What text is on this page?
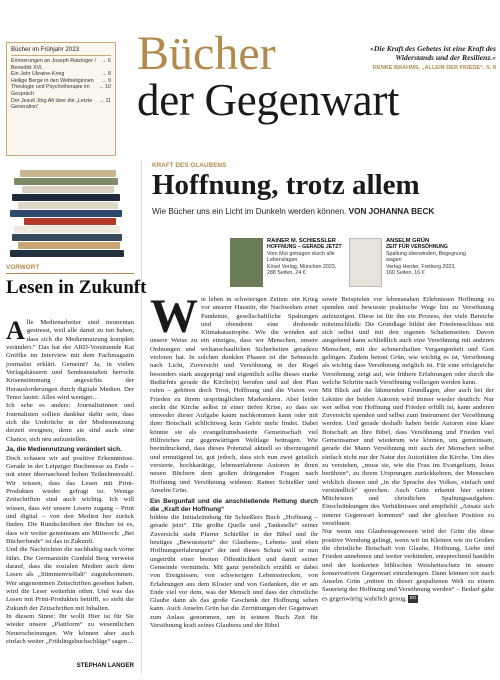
Bücher im Frühjahr 2023
Erinnerungen an Joseph Ratzinger / Benedikt XVI.
→ 6
Ein Jahr Ukraine-Krieg	→ 8
Heilige Berge in den Weltreligionen	→ 9
Theologie und Psychotherapie im Gespräch
→ 10
Der Jesuit Jörg Alt über die „Letzte Generation“
→ 11
Bücher
der Gegenwart
»Die Kraft des Gebetes ist eine Kraft des Widerstands und der Resilienz.«
RENKE BRAHMS, „ALLEIN DER FRIEDE“, S. 8
KRAFT DES GLAUBENS
Hoffnung, trotz allem
Wie Bücher uns ein Licht im Dunkeln werden können. VON JOHANNA BECK
RAINER M. SCHIESSLER
HOFFNUNG – GERADE JETZT
Vom Mut getragen durch alle Lebenslagen
Kösel Verlag, München 2023,
288 Seiten, 24 €
ANSELM GRÜN
ZEIT FÜR VERSÖHNUNG
Spaltung überwinden, Begegnung wagen
Verlag Herder, Freiburg 2023,
160 Seiten, 16 €
VORWORT
Lesen in Zukunft

Alle Medienarbeiter sind momentan gestresst, weil alle damit zu tun haben, dass sich die Mediennutzung komplett verändert.“ Das hat der ARD-Vorsitzende Kai Gniffke im Interview mit dem Fachmagazin journalist erklärt. Gemeint? Ja, in vielen Verlagshäusern und Sendeanstalten herrscht Krisenstimmung angesichts der Herausforderungen durch digitale Medien. Der Tenor lautet: Alles wird weniger…

Ich sehe es anders: Journalistinnen und Journalisten sollten dankbar dafür sein, dass sich die Umbrüche in der Mediennutzung derzeit ereignen, denn sie sind auch eine Chance, sich neu aufzustellen.

Ja, die Mediennutzung verändert sich.

Doch schauen wir auf positive Erkenntnisse. Gerade in der Leipziger Buchmesse zu Ende – mit einer überraschend hohen Teilnehmerzahl. Wir wissen, dass das Lesen mit Print-Produkten wieder gefragt ist. Wenige Zeitschriften sind auch wichtig. Ich will wissen, dass wir unsere Lesern zugang – Print und digital – von den Medien her zurück finden. Die Rundschreiben der Bücher ist es, dass wir weiter gemeinsam am Mittwoch: „Bei Bücherfunde“ ist das in Zukunft.

Und die Nachrichten die nachhaltig nach vorne führt. Die Germanistin Gunhild Berg verweist darauf, dass die sozialen Medien auch dem Lesen als „Stimmenvielfalt“ zugutekommen. Wer angenommen Zeitschriften gesehen haben, wird die Leser weiterhin offen. Und was das Lesen mit Print-Produkten betrifft, so steht die Zukunft der Zeitschriften mit Inhalten.

In diesem Sinne: Ihr wollt Hier ist für Sie wieder unsere „Plattform“ zu wesentlichen Neuerscheinungen. Wir können aber auch einfach weiter „Frühlingsbuchschläge“ sagen…

STEPHAN LANGER

Wie leben in schwierigen Zeiten: ein Krieg vor unserer Haustür, die Nachwehen einer Pandemie, gesellschaftliche Spaltungen und obendrein eine drohende Klimakatastrophe. Wie die wenden auf unsere Weise zu ein einziges, dass wir Menschen, unsere Ordnungen und weltanschaulichen Sicherheiten geradezu verloren hat. In solchen dunklen Phasen ist die Sehnsucht nach Licht, Zuversicht und Versöhnung in der Regel besonders stark ausgeprägt und eigentlich sollte dieses starke Bedürfnis gerade die Kirche(n) berufen und auf den Plan rufen – gehören doch Trost, Hoffnung und die Vision von Frieden zu ihrem ursprünglichen Markenkern. Aber leider steckt die Kirche selbst in einer tiefen Krise, so dass sie entweder dieser Aufgabe kaum nachkommen kann oder mit ihrer Botschaft schlichtweg kein Gehör mehr findet. Dabei könnte sie als evangeliumsbasierte Gemeinschaft viel Hilfreiches zur gegenwärtigen Weltlage beitragen. Wie beeindruckend, dass dieses Potenzial aktuell so überzeugend und ermutigend ist, gut jedoch, dass sich nun zwei geistlich versierte, hochkarätige, lebenserfahrene Autoren in ihren neuen Büchern dem großen drängenden Fragen nach Hoffnung und Versöhnung widmen: Rainer Schießler und Anselm Grün.

Ein Bergunfall und die anschließende Rettung durch die „Kraft der Hoffnung“

bildete die Initialzündung für Schießlers Buch „Hoffnung – gerade jetzt“. Die großte Quelle und „Tankstelle“ seiner Zuversicht sieht Pfarrer Schießler in der Bibel und ihr heutiges „Bewusstsein“ der Glaubens-, Lebens- und eben Hoffnungserfahrungen“ der und dieses Schatz will er nun ungetrübt einer breiten Öffentlichkeit und damit seiner Gemeinde vermitteln. Mit ganz persönlich erzählt er dabei von Ereignissen, von schwierigen Lebensstrecken, von Erfahrungen aus dem Kloster und von Gedanken, die er am Ende viel vor dem, was der Mensch und dass der christliche Glaube dann als das große Geschenk der Hoffnung sehen kann. Auch Anselm Grün hat die Zerrüttungen der Gegenwart zum Anlass genommen, um in seinem Buch Zeit für Versöhnung kraft seines Glaubens und der Bibel

sowie Beispielen vor lebensnahen Erlebnissen Hoffnung zu spenden und bewusste praktische Wege hin zu Versöhnung aufzuzeigen. Diese ist für ihn ein Prozess, der viele Bereiche miteinschließt: Die Grundlage bildet der Friedensschluss mit sich selbst und mit den eigenen Schattenseiten. Davon ausgehend kann schließlich auch eine Versöhnung mit anderen Menschen, mit der schmerzhaften Vergangenheit und Gott gelingen. Zudem betont Grün, wie wichtig es ist, Versöhnung als wichtig dass Versöhnung möglich ist. Für eine erfolgreiche Versöhnung, zeigt auf, wie frühere Erfahrungen oder durch die welche Schritte nach Versöhnung vollzogen werden kann.

Mit Blick auf die lähmenden Grundlagen, aber auch bei der Lektüre der beiden Autoren wird immer wieder deutlich: Nur wer selbst von Hoffnung und Frieden erfüllt ist, kann anderen Zuversicht spenden und selbst zum Instrument der Versöhnung werden. Und gerade deshalb haben beide Autoren eine klare Botschaft an Ihre Bibel, dass Versöhnung und Frieden viel Gemeinsamer und wiederum wie können, um gemeinsam, gerade die Mann Versöhnung mit auch der Menschen selbst einfach nicht nur der Natur der Autoritäten die Kirche. Um dies zu verstehen, „muss sie, wie die Frau im Evangelium, Jesus berühren“, zu ihrem Ursprungen zurückkehren, der Menschen wirklich dienen und „in die Sprache des Volkes, einfach und verständlich“ sprechen. Auch Grün erkennt hier seinen Mitchristen und christlichen Spaltungsaufgaben. Einschränkungen des Verhältnisses und empfiehlt „Ansatz sich innerer Gegenwart kommen“ und der gleichen Position zu versöhnen.

Nur wenn uns Glaubensgenossen wird der Grün die diese positive Wendung gelingt, wenn wir im Kleinen wie im Großen die christliche Botschaft von Glaube, Hoffnung, Liebe und Frieden annehmen und weiter verkünden, entsprechend handeln und der konkreten biblischen Weisheitsschatz in unsere konservativen Gegenwart einzubringen. Dann können wir nach Anselm Grün „mitten in dieser gespaltenen Welt zu einem Sauerteig der Hoffnung und Versöhnung werden“ – Bedarf gäbe es gegenwärtig wahrlich genug. BG
